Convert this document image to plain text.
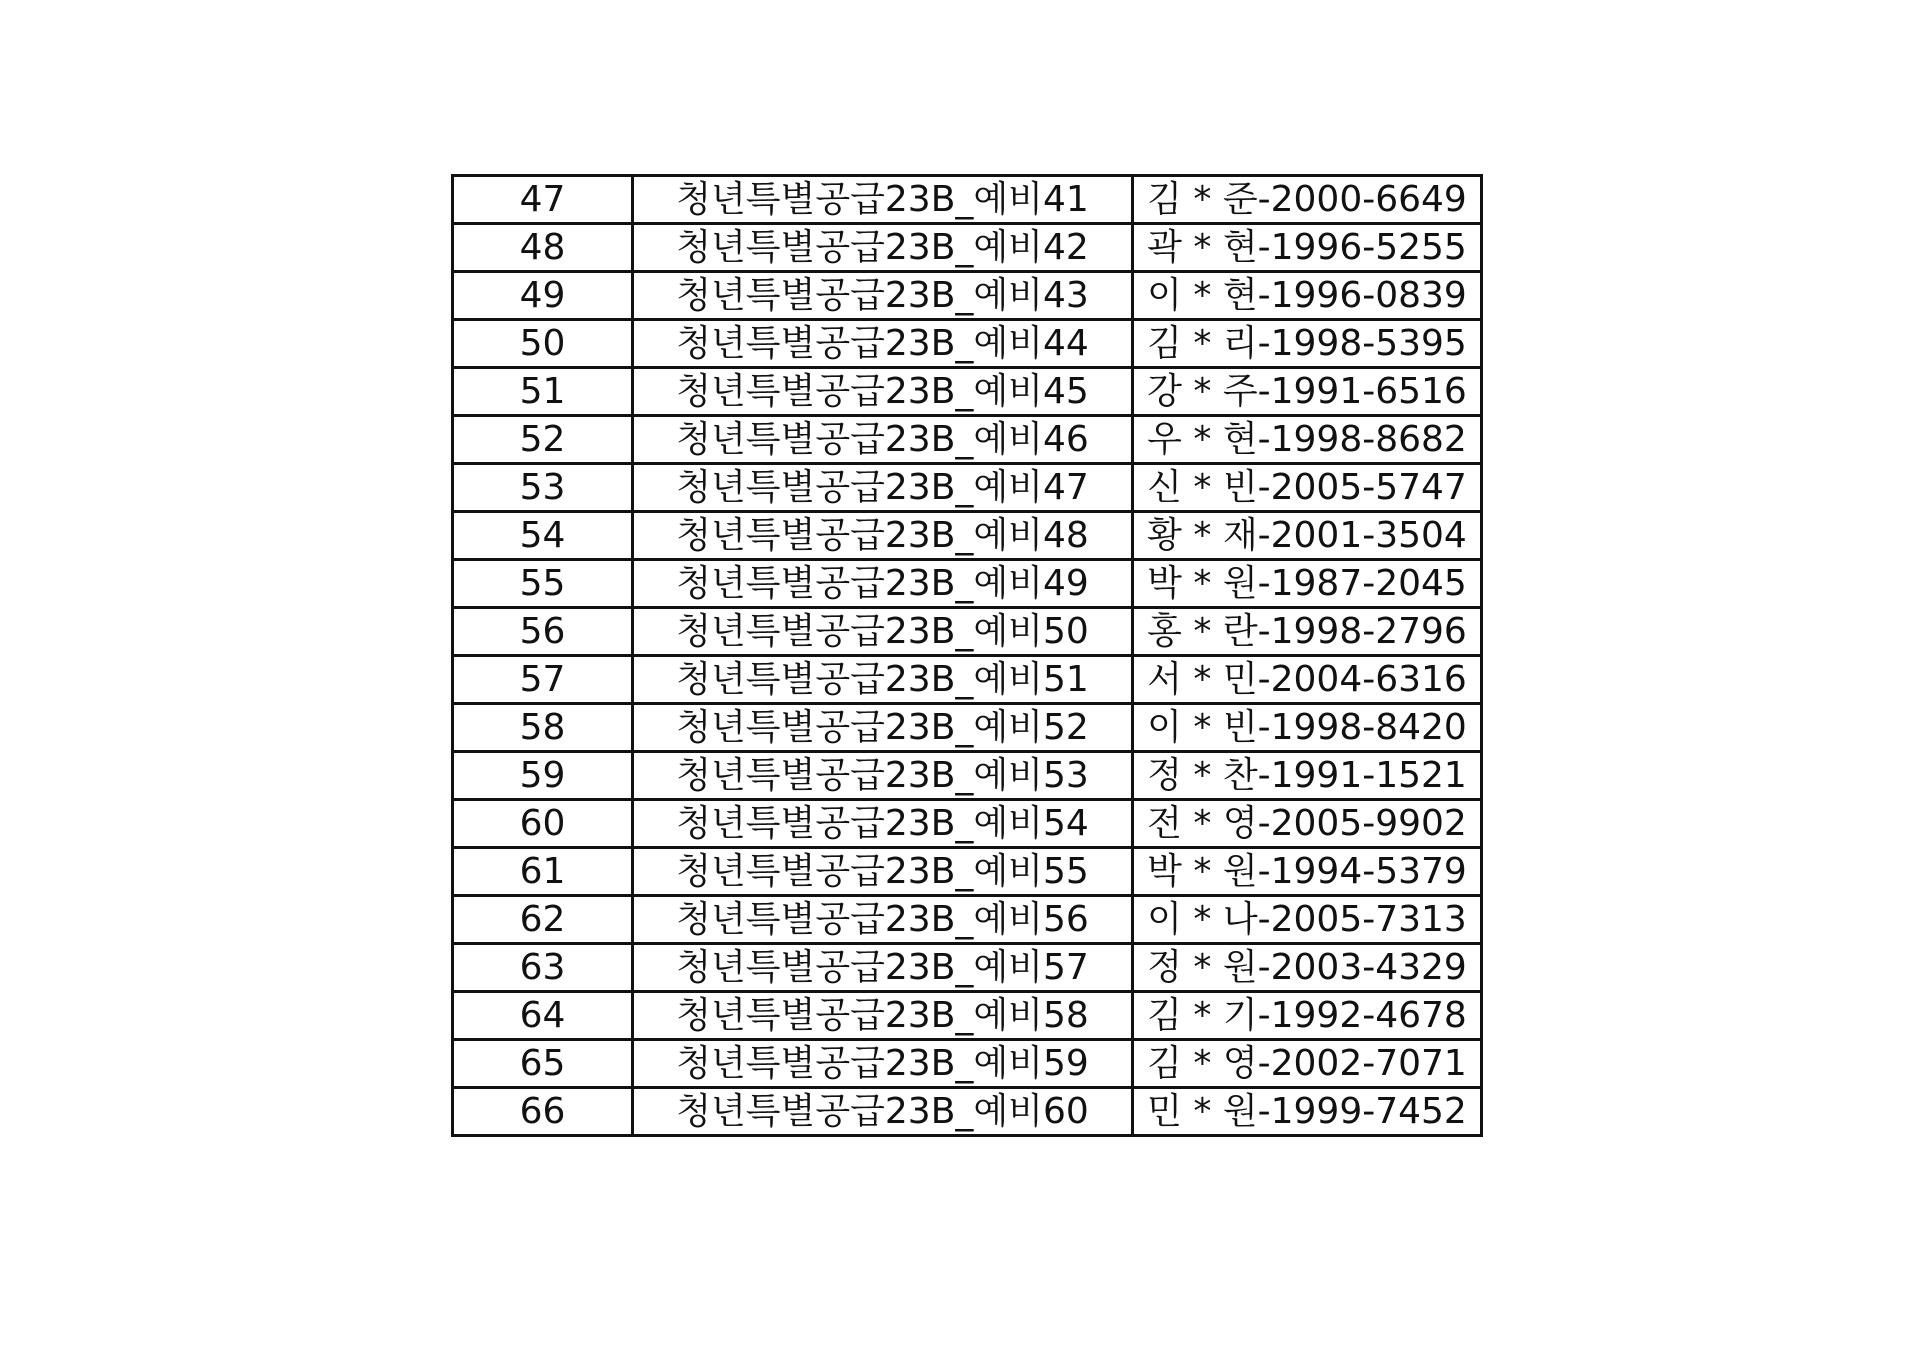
47	청년특별공급23B_예비41	김 * 준-2000-6649
48	청년특별공급23B_예비42	곽 * 현-1996-5255
49	청년특별공급23B_예비43	이 * 현-1996-0839
50	청년특별공급23B_예비44	김 * 리-1998-5395
51	청년특별공급23B_예비45	강 * 주-1991-6516
52	청년특별공급23B_예비46	우 * 현-1998-8682
53	청년특별공급23B_예비47	신 * 빈-2005-5747
54	청년특별공급23B_예비48	황 * 재-2001-3504
55	청년특별공급23B_예비49	박 * 원-1987-2045
56	청년특별공급23B_예비50	홍 * 란-1998-2796
57	청년특별공급23B_예비51	서 * 민-2004-6316
58	청년특별공급23B_예비52	이 * 빈-1998-8420
59	청년특별공급23B_예비53	정 * 찬-1991-1521
60	청년특별공급23B_예비54	전 * 영-2005-9902
61	청년특별공급23B_예비55	박 * 원-1994-5379
62	청년특별공급23B_예비56	이 * 나-2005-7313
63	청년특별공급23B_예비57	정 * 원-2003-4329
64	청년특별공급23B_예비58	김 * 기-1992-4678
65	청년특별공급23B_예비59	김 * 영-2002-7071
66	청년특별공급23B_예비60	민 * 원-1999-7452
